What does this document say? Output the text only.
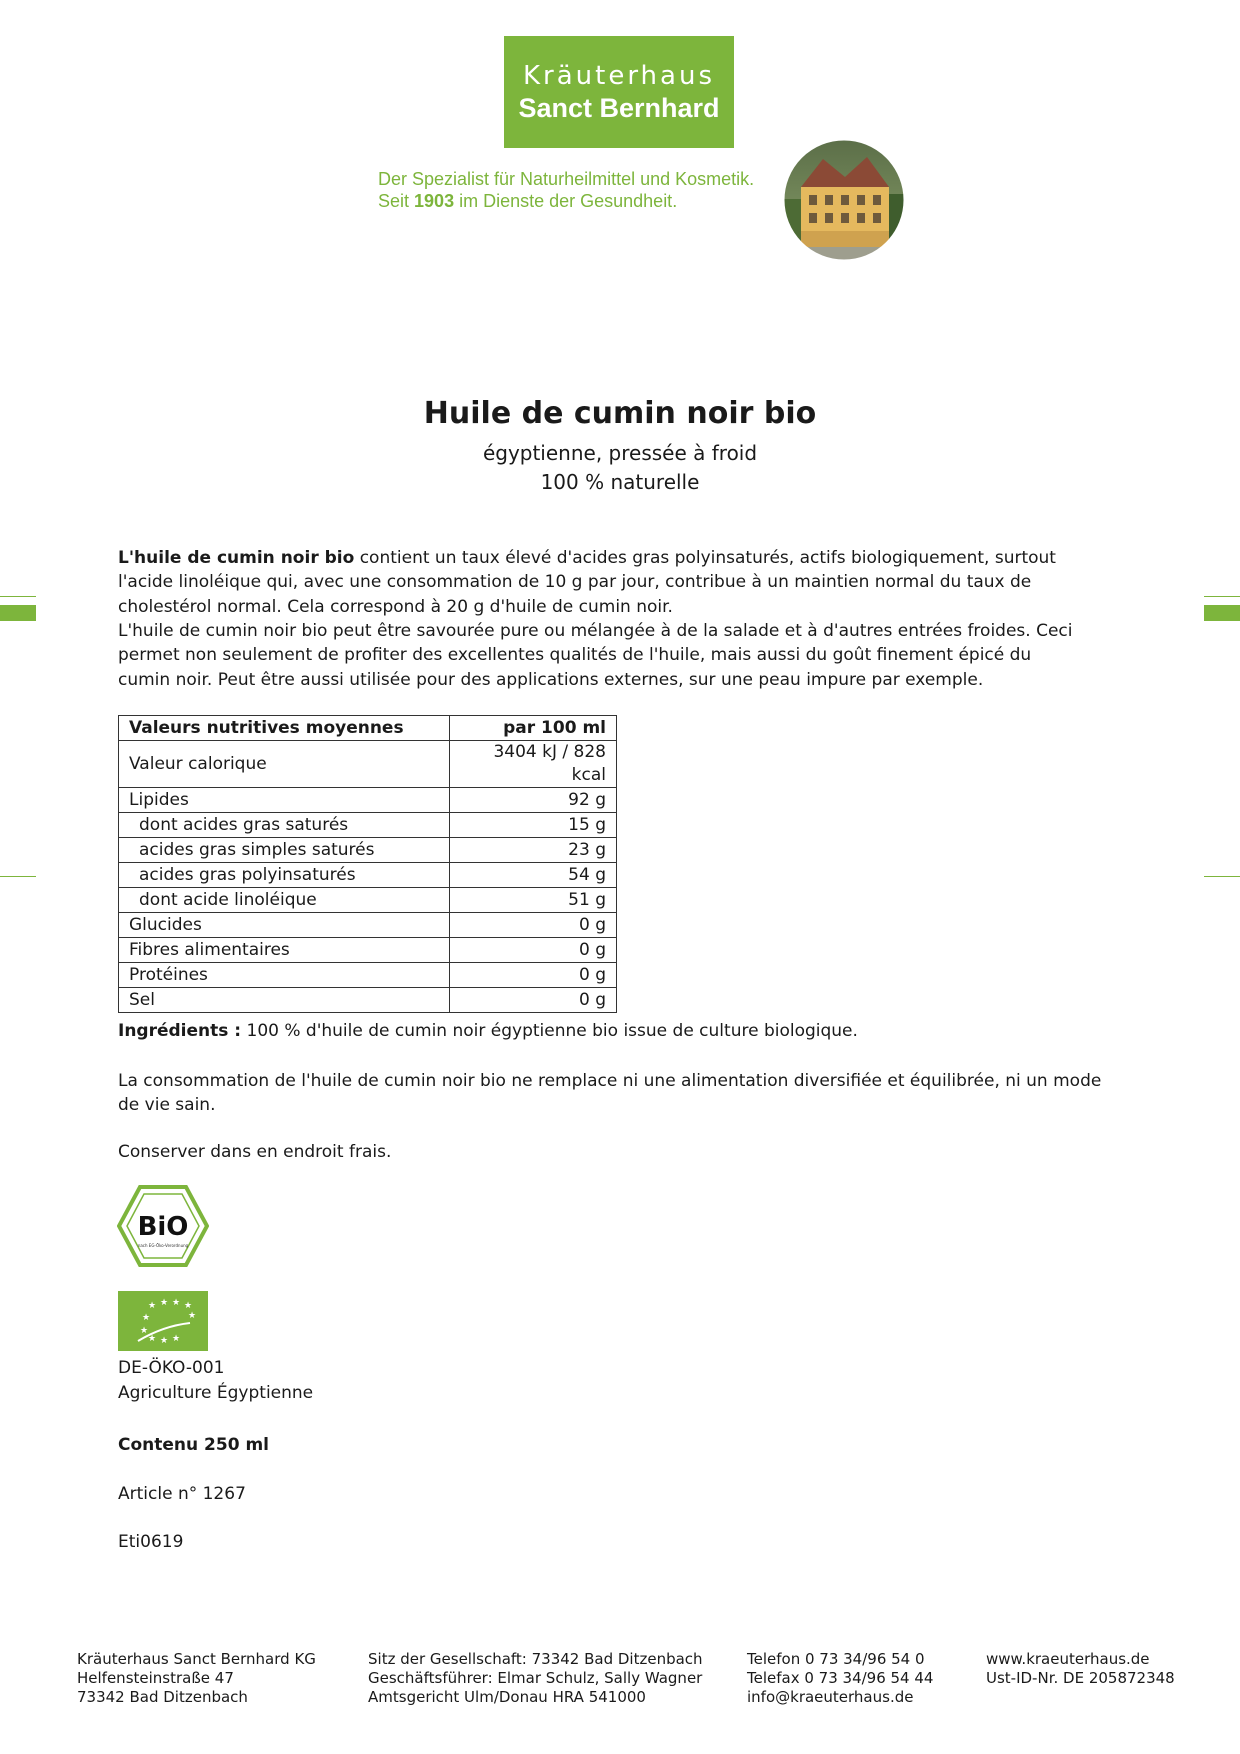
Kräuterhaus
Sanct Bernhard
Der Spezialist für Naturheilmittel und Kosmetik.
Seit 1903 im Dienste der Gesundheit.
Huile de cumin noir bio
égyptienne, pressée à froid
100 % naturelle
L'huile de cumin noir bio contient un taux élevé d'acides gras polyinsaturés, actifs biologiquement, surtout l'acide linoléique qui, avec une consommation de 10 g par jour, contribue à un maintien normal du taux de cholestérol normal. Cela correspond à 20 g d'huile de cumin noir.
L'huile de cumin noir bio peut être savourée pure ou mélangée à de la salade et à d'autres entrées froides. Ceci permet non seulement de profiter des excellentes qualités de l'huile, mais aussi du goût finement épicé du cumin noir. Peut être aussi utilisée pour des applications externes, sur une peau impure par exemple.
Valeurs nutritives moyennes	par 100 ml
Valeur calorique	3404 kJ / 828 kcal
Lipides	92 g
dont acides gras saturés	15 g
acides gras simples saturés	23 g
acides gras polyinsaturés	54 g
dont acide linoléique	51 g
Glucides	0 g
Fibres alimentaires	0 g
Protéines	0 g
Sel	0 g
Ingrédients : 100 % d'huile de cumin noir égyptienne bio issue de culture biologique.
La consommation de l'huile de cumin noir bio ne remplace ni une alimentation diversifiée et équilibrée, ni un mode de vie sain.
Conserver dans en endroit frais.
BiO
nach EG-Öko-Verordnung
★ ★ ★ ★
★	★
★
★ ★ ★
DE-ÖKO-001
Agriculture Égyptienne
Contenu 250 ml
Article n° 1267
Eti0619
Kräuterhaus Sanct Bernhard KG
Helfensteinstraße 47
73342 Bad Ditzenbach
Sitz der Gesellschaft: 73342 Bad Ditzenbach
Geschäftsführer: Elmar Schulz, Sally Wagner
Amtsgericht Ulm/Donau HRA 541000
Telefon 0 73 34/96 54 0
Telefax 0 73 34/96 54 44
info@kraeuterhaus.de
www.kraeuterhaus.de
Ust-ID-Nr. DE 205872348
